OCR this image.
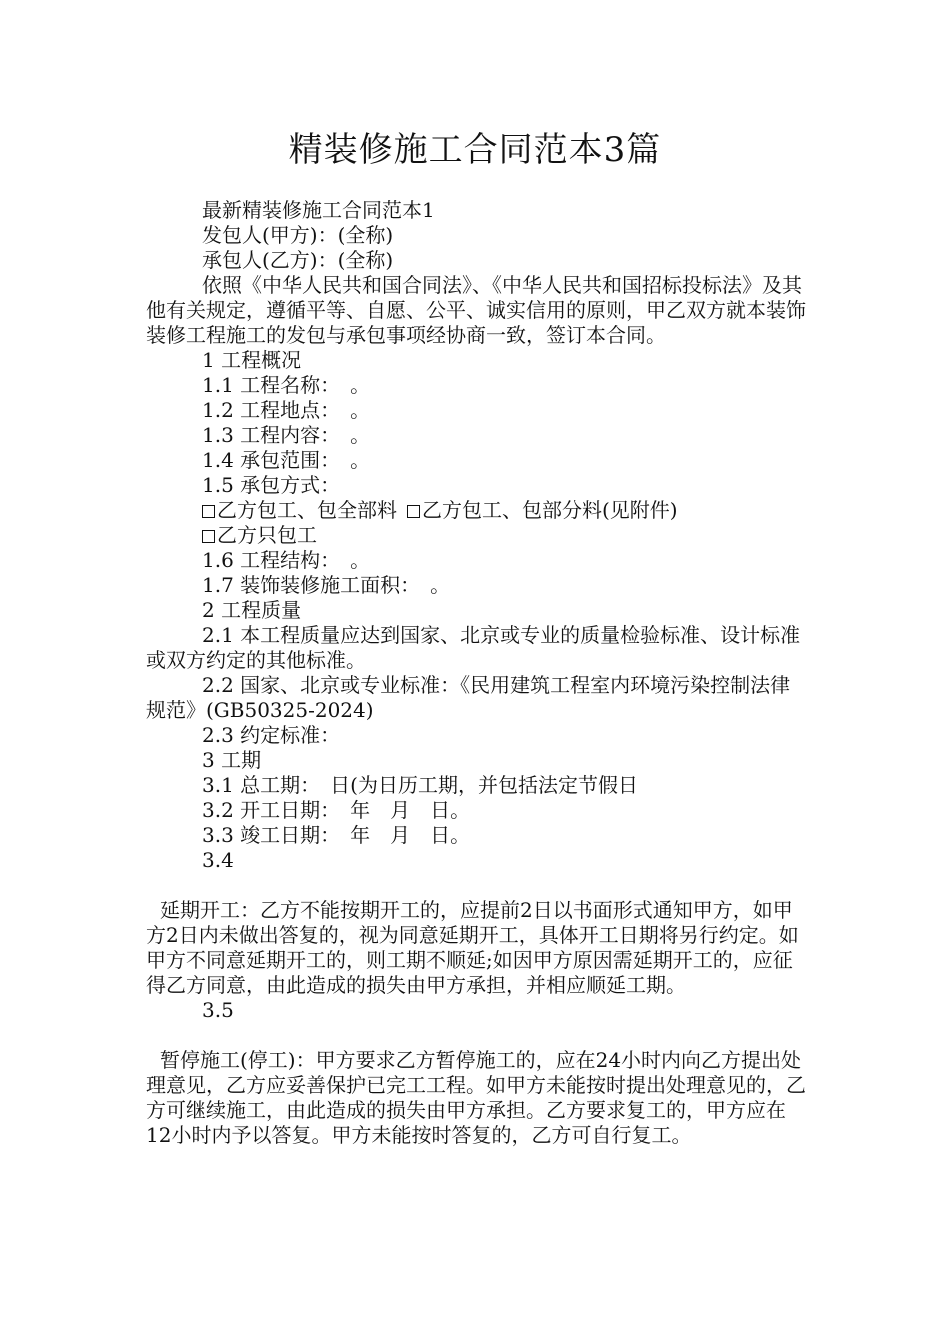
精装修施工合同范本3篇

最新精装修施工合同范本1

发包人(甲方)：(全称)

承包人(乙方)：(全称)

依照《中华人民共和国合同法》、《中华人民共和国招标投标法》及其他有关规定，遵循平等、自愿、公平、诚实信用的原则，甲乙双方就本装饰装修工程施工的发包与承包事项经协商一致，签订本合同。

1 工程概况

1.1 工程名称：　。

1.2 工程地点：　。

1.3 工程内容：　。

1.4 承包范围：　。

1.5 承包方式：

乙方包工、包全部料 乙方包工、包部分料(见附件)

乙方只包工

1.6 工程结构：　。

1.7 装饰装修施工面积：　。

2 工程质量

2.1 本工程质量应达到国家、北京或专业的质量检验标准、设计标准或双方约定的其他标准。

2.2 国家、北京或专业标准：《民用建筑工程室内环境污染控制法律规范》(GB50325-2024)

2.3 约定标准：

3 工期

3.1 总工期：　日(为日历工期，并包括法定节假日

3.2 开工日期：　年　月　日。

3.3 竣工日期：　年　月　日。

3.4

延期开工：乙方不能按期开工的，应提前2日以书面形式通知甲方，如甲方2日内未做出答复的，视为同意延期开工，具体开工日期将另行约定。如甲方不同意延期开工的，则工期不顺延;如因甲方原因需延期开工的，应征得乙方同意，由此造成的损失由甲方承担，并相应顺延工期。

3.5

暂停施工(停工)：甲方要求乙方暂停施工的，应在24小时内向乙方提出处理意见，乙方应妥善保护已完工工程。如甲方未能按时提出处理意见的，乙方可继续施工，由此造成的损失由甲方承担。乙方要求复工的，甲方应在12小时内予以答复。甲方未能按时答复的，乙方可自行复工。
